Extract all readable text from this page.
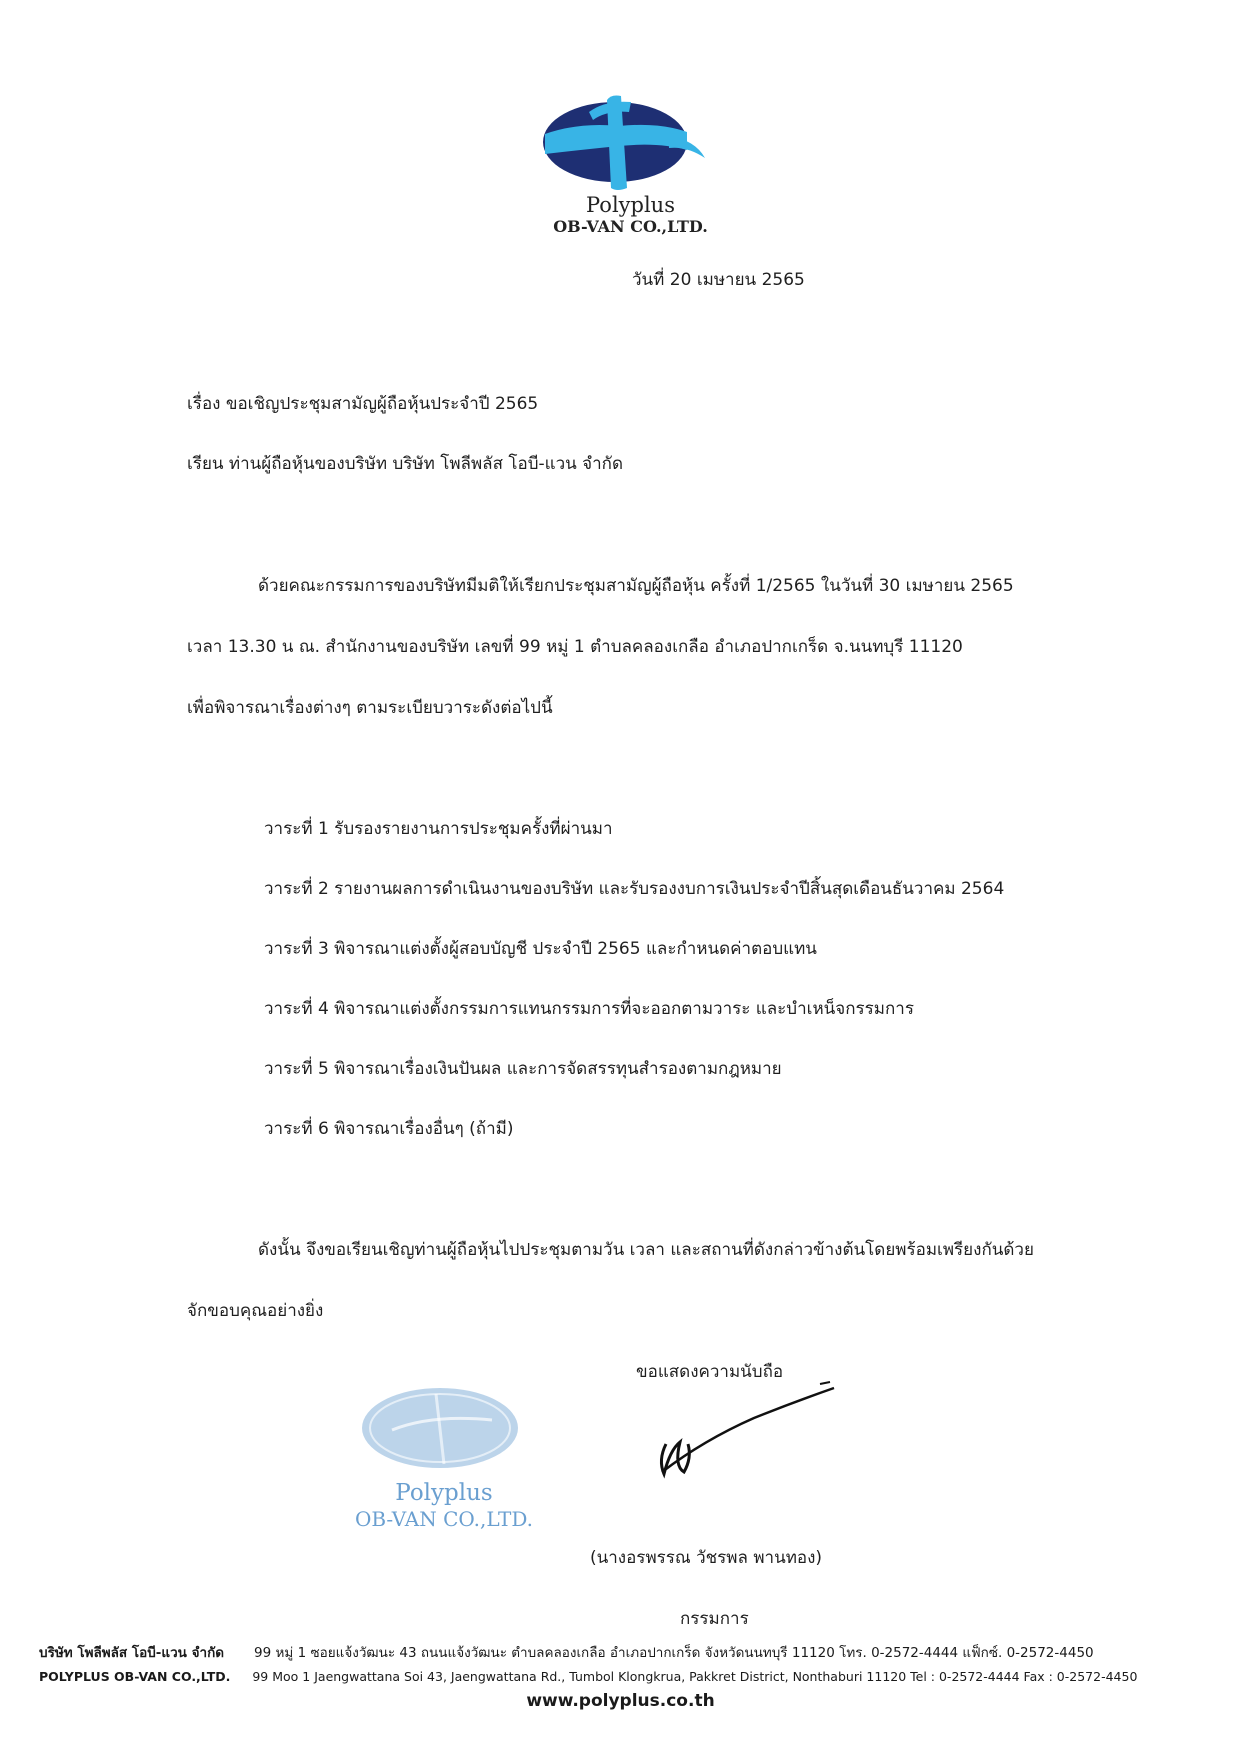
Polyplus
OB-VAN CO.,LTD.
วันที่ 20 เมษายน 2565
เรื่อง ขอเชิญประชุมสามัญผู้ถือหุ้นประจำปี 2565
เรียน ท่านผู้ถือหุ้นของบริษัท บริษัท โพลีพลัส โอบี-แวน จำกัด
ด้วยคณะกรรมการของบริษัทมีมติให้เรียกประชุมสามัญผู้ถือหุ้น ครั้งที่ 1/2565 ในวันที่ 30 เมษายน 2565
เวลา 13.30 น ณ. สำนักงานของบริษัท เลขที่ 99 หมู่ 1 ตำบลคลองเกลือ อำเภอปากเกร็ด จ.นนทบุรี 11120
เพื่อพิจารณาเรื่องต่างๆ ตามระเบียบวาระดังต่อไปนี้
วาระที่ 1 รับรองรายงานการประชุมครั้งที่ผ่านมา
วาระที่ 2 รายงานผลการดำเนินงานของบริษัท และรับรองงบการเงินประจำปีสิ้นสุดเดือนธันวาคม 2564
วาระที่ 3 พิจารณาแต่งตั้งผู้สอบบัญชี ประจำปี 2565 และกำหนดค่าตอบแทน
วาระที่ 4 พิจารณาแต่งตั้งกรรมการแทนกรรมการที่จะออกตามวาระ และบำเหน็จกรรมการ
วาระที่ 5 พิจารณาเรื่องเงินปันผล และการจัดสรรทุนสำรองตามกฎหมาย
วาระที่ 6 พิจารณาเรื่องอื่นๆ (ถ้ามี)
ดังนั้น จึงขอเรียนเชิญท่านผู้ถือหุ้นไปประชุมตามวัน เวลา และสถานที่ดังกล่าวข้างต้นโดยพร้อมเพรียงกันด้วย
จักขอบคุณอย่างยิ่ง
ขอแสดงความนับถือ
Polyplus
OB-VAN CO.,LTD.
(นางอรพรรณ วัชรพล พานทอง)
กรรมการ
บริษัท โพลีพลัส โอบี-แวน จำกัด 99 หมู่ 1 ซอยแจ้งวัฒนะ 43 ถนนแจ้งวัฒนะ ตำบลคลองเกลือ อำเภอปากเกร็ด จังหวัดนนทบุรี 11120 โทร. 0-2572-4444 แฟ็กซ์. 0-2572-4450
POLYPLUS OB-VAN CO.,LTD. 99 Moo 1 Jaengwattana Soi 43, Jaengwattana Rd., Tumbol Klongkrua, Pakkret District, Nonthaburi 11120 Tel : 0-2572-4444 Fax : 0-2572-4450
www.polyplus.co.th
